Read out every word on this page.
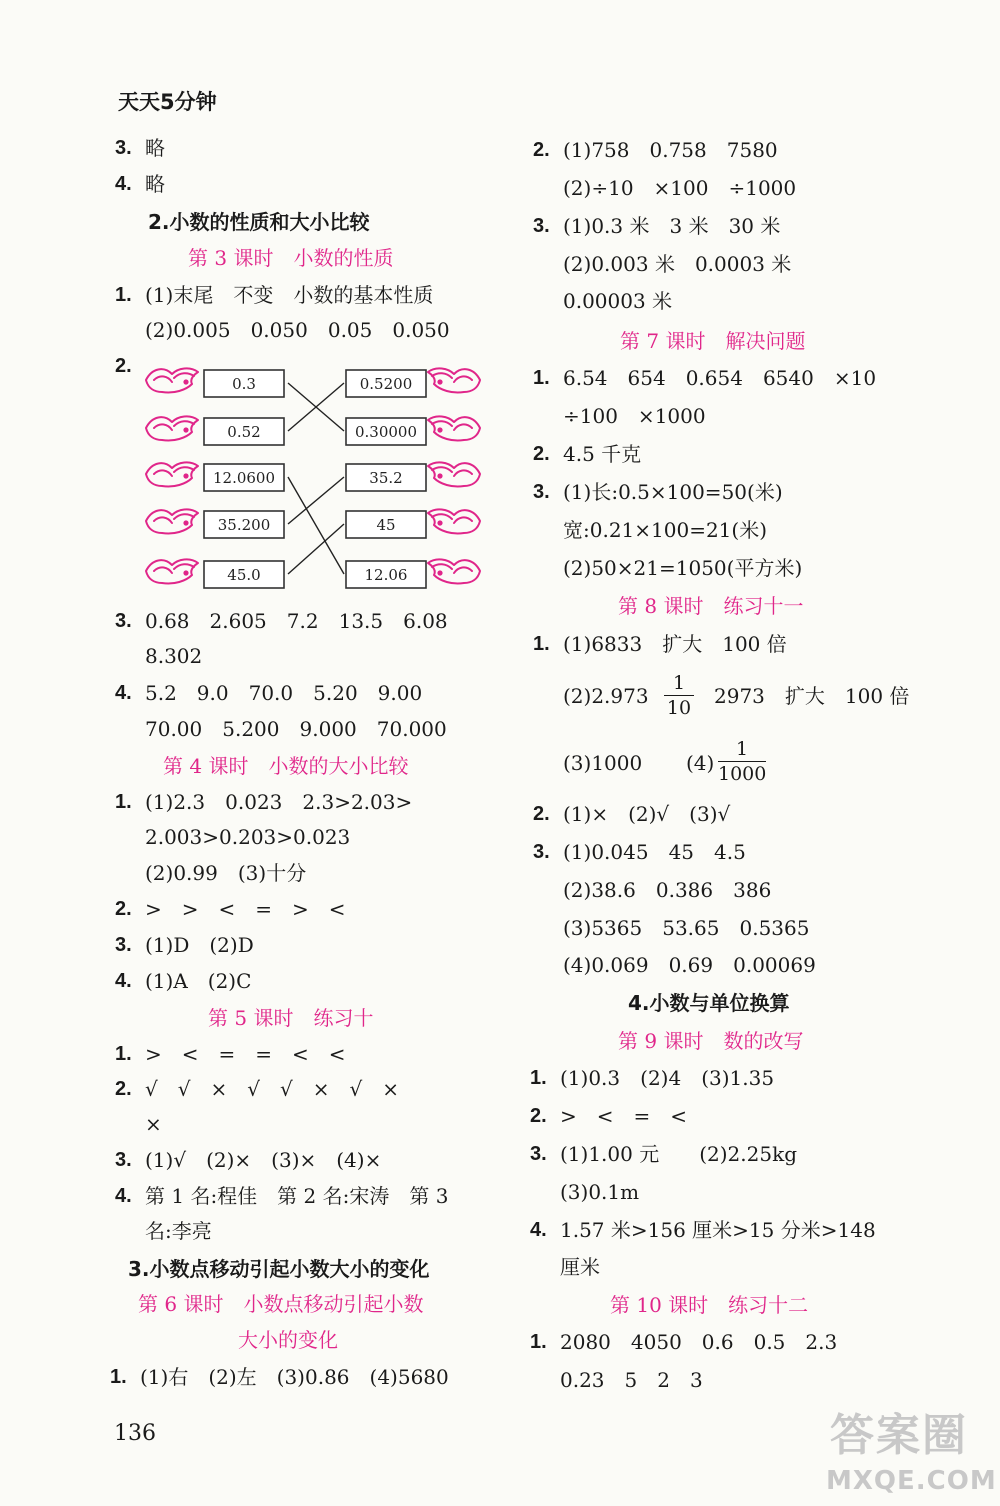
天天5分钟
3. 略
4. 略
2.小数的性质和大小比较
第 3 课时　小数的性质
1. (1)末尾　不变　小数的基本性质
(2)0.005　0.050　0.05　0.050
2.
0.3
0.52
12.0600
35.200
45.0
0.5200
0.30000
35.2
45
12.06
3. 0.68　2.605　7.2　13.5　6.08
8.302
4. 5.2　9.0　70.0　5.20　9.00
70.00　5.200　9.000　70.000
第 4 课时　小数的大小比较
1. (1)2.3　0.023　2.3>2.03>
2.003>0.203>0.023
(2)0.99　(3)十分
2. >　>　<　=　>　<
3. (1)D　(2)D
4. (1)A　(2)C
第 5 课时　练习十
1. >　<　=　=　<　<
2. √　√　×　√　√　×　√　×
×
3. (1)√　(2)×　(3)×　(4)×
4. 第 1 名:程佳　第 2 名:宋涛　第 3
名:李亮
3.小数点移动引起小数大小的变化
第 6 课时　小数点移动引起小数
大小的变化
1. (1)右　(2)左　(3)0.86　(4)5680
2. (1)758　0.758　7580
(2)÷10　×100　÷1000
3. (1)0.3 米　3 米　30 米
(2)0.003 米　0.0003 米
0.00003 米
第 7 课时　解决问题
1. 6.54　654　0.654　6540　×10
÷100　×1000
2. 4.5 千克
3. (1)长:0.5×100=50(米)
宽:0.21×100=21(米)
(2)50×21=1050(平方米)
第 8 课时　练习十一
1. (1)6833　扩大　100 倍
(2)2.973
1
10 2973　扩大　100 倍
(3)1000 (4)
1
1000
2. (1)×　(2)√　(3)√
3. (1)0.045　45　4.5
(2)38.6　0.386　386
(3)5365　53.65　0.5365
(4)0.069　0.69　0.00069
4.小数与单位换算
第 9 课时　数的改写
1. (1)0.3　(2)4　(3)1.35
2. >　<　=　<
3. (1)1.00 元　　(2)2.25kg
(3)0.1m
4. 1.57 米>156 厘米>15 分米>148
厘米
第 10 课时　练习十二
1. 2080　4050　0.6　0.5　2.3
0.23　5　2　3
136	答案圈
MXQE.COM
